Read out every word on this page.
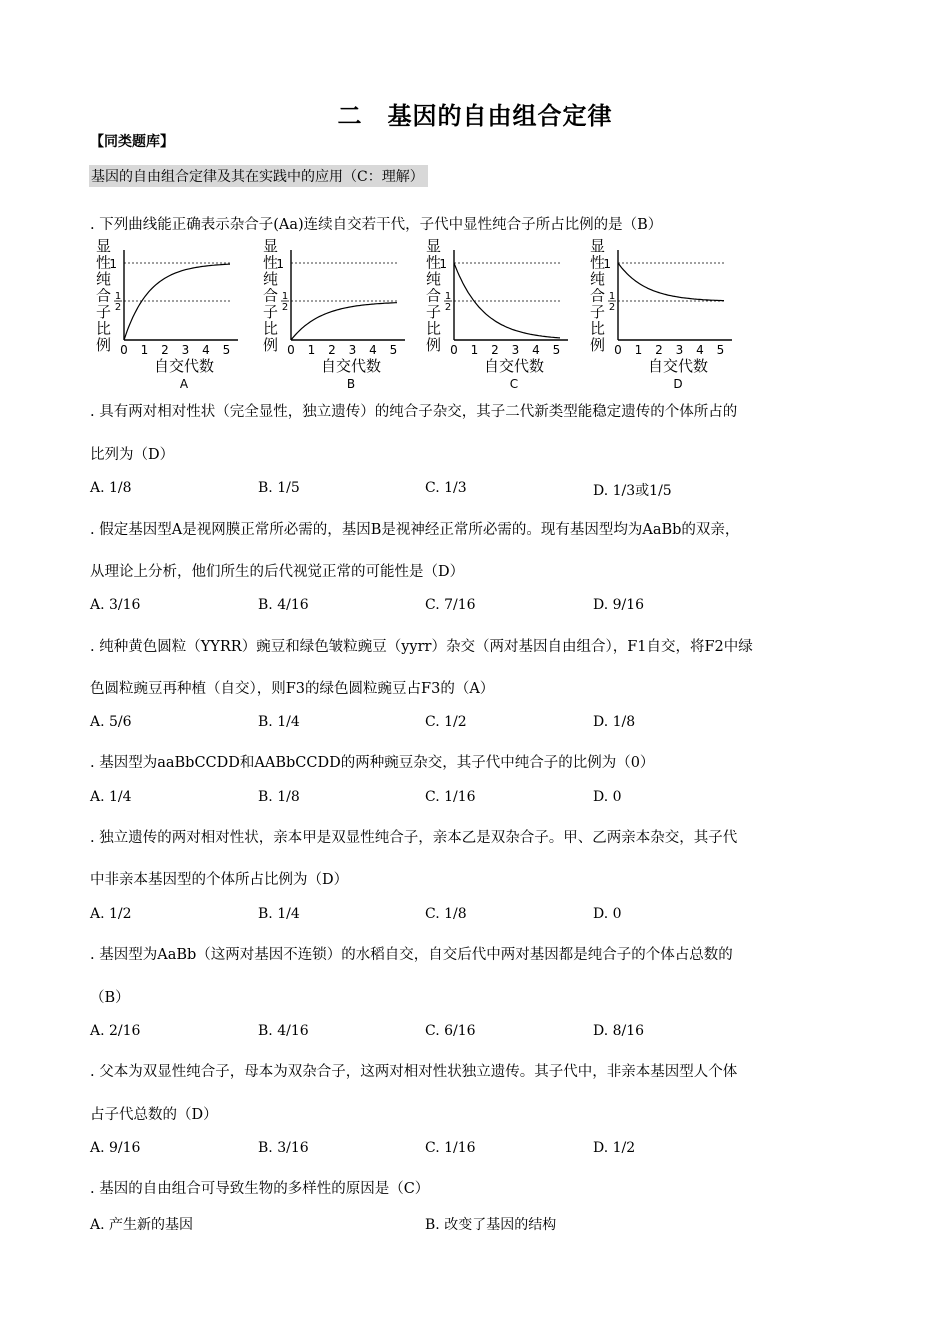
二　基因的自由组合定律
【同类题库】
基因的自由组合定律及其在实践中的应用（C：理解）
. 下列曲线能正确表示杂合子(Aa)连续自交若干代，子代中显性纯合子所占比例的是（B）
显性纯合子比例
1
1
2
0 1 2 3 4 5
自交代数
A
显性纯合子比例
1
1
2
0 1 2 3 4 5
自交代数
B
显性纯合子比例
1
1
2
0 1 2 3 4 5
自交代数
C
显性纯合子比例
1
1
2
0 1 2 3 4 5
自交代数
D
. 具有两对相对性状（完全显性，独立遗传）的纯合子杂交，其子二代新类型能稳定遗传的个体所占的
比列为（D）
A. 1/8	B. 1/5	C. 1/3	D. 1/3或1/5
. 假定基因型A是视网膜正常所必需的，基因B是视神经正常所必需的。现有基因型均为AaBb的双亲，
从理论上分析，他们所生的后代视觉正常的可能性是（D）
A. 3/16	B. 4/16	C. 7/16	D. 9/16
. 纯种黄色圆粒（YYRR）豌豆和绿色皱粒豌豆（yyrr）杂交（两对基因自由组合），F1自交，将F2中绿
色圆粒豌豆再种植（自交），则F3的绿色圆粒豌豆占F3的（A）
A. 5/6	B. 1/4	C. 1/2	D. 1/8
. 基因型为aaBbCCDD和AABbCCDD的两种豌豆杂交，其子代中纯合子的比例为（0）
A. 1/4	B. 1/8	C. 1/16	D. 0
. 独立遗传的两对相对性状，亲本甲是双显性纯合子，亲本乙是双杂合子。甲、乙两亲本杂交，其子代
中非亲本基因型的个体所占比例为（D）
A. 1/2	B. 1/4	C. 1/8	D. 0
. 基因型为AaBb（这两对基因不连锁）的水稻自交，自交后代中两对基因都是纯合子的个体占总数的
（B）
A. 2/16	B. 4/16	C. 6/16	D. 8/16
. 父本为双显性纯合子，母本为双杂合子，这两对相对性状独立遗传。其子代中，非亲本基因型人个体
占子代总数的（D）
A. 9/16	B. 3/16	C. 1/16	D. 1/2
. 基因的自由组合可导致生物的多样性的原因是（C）
A. 产生新的基因	B. 改变了基因的结构
